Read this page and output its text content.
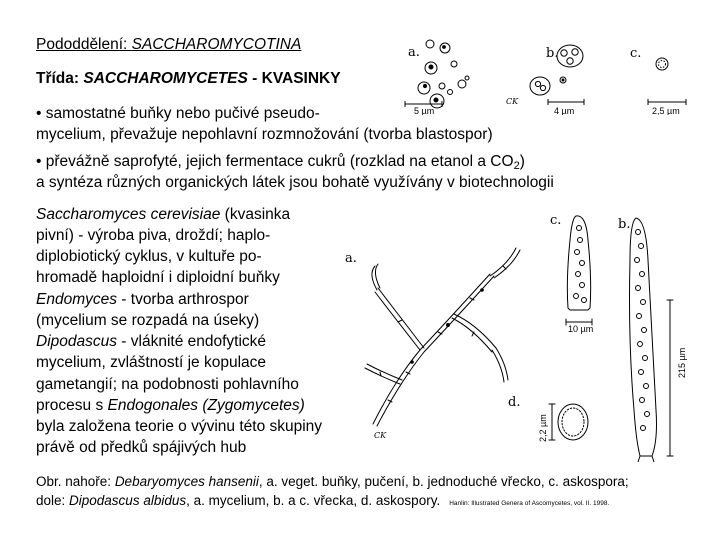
Pododdělení: SACCHAROMYCOTINA
Třída: SACCHAROMYCETES - KVASINKY
• samostatné buňky nebo pučivé pseudo-
mycelium, převažuje nepohlavní rozmnožování (tvorba blastospor)
• převážně saprofyté, jejich fermentace cukrů (rozklad na etanol a $CO_2$)
a syntéza různých organických látek jsou bohatě využívány v biotechnologii
Saccharomyces cerevisiae (kvasinka
pivní) - výroba piva, droždí; haplo-
diplobiotický cyklus, v kultuře po-
hromadě haploidní i diploidní buňky
Endomyces - tvorba arthrospor
(mycelium se rozpadá na úseky)
Dipodascus - vláknité endofytické
mycelium, zvláštností je kopulace
gametangií; na podobnosti pohlavního
procesu s Endogonales (Zygomycetes)
byla založena teorie o vývinu této skupiny
právě od předků spájivých hub
Obr. nahoře: Debaryomyces hansenii, a. veget. buňky, pučení, b. jednoduché vřecko, c. askospora;
dole: Dipodascus albidus, a. mycelium, b. a c. vřecka, d. askospory. Hanlin: Illustrated Genera of Ascomycetes, vol. II. 1998.
a.	b.	c.
5 µm	4 µm	2,5 µm
CK
a.
b.
c.
d.
10 µm
215 µm
2,2 µm
CK
